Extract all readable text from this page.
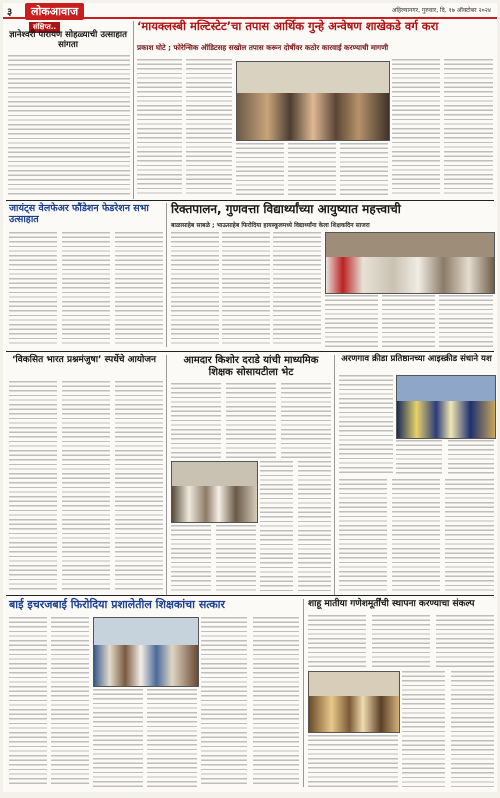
३	लोकआवाज	अहिल्यानगर, गुरुवार, दि. १७ ऑक्टोबर २०२४
संक्षिप्त..
ज्ञानेश्वरी पारायण सोहळ्याची उत्साहात सांगता
‘मायक्लस्बी मल्टिस्टेट’चा तपास आर्थिक गुन्हे अन्वेषण शाखेकडे वर्ग करा
प्रकाश घोटे ; फोरेन्सिक ऑडिटसह सखोल तपास करून दोषींवर कठोर कारवाई करण्याची मागणी
जायंट्स वेलफेअर फौंडेशन फेडरेशन सभा उत्साहात
रिक्तपालन, गुणवत्ता विद्यार्थ्यांच्या आयुष्यात महत्त्वाची
बाळासाहेब साबळे ; भाऊसाहेब फिरोदिया हायस्कूलमध्ये विद्यार्थ्यांना केला शिक्षकदिन साजरा
‘विकसित भारत प्रश्नमंजुषा’ स्पर्धेचे आयोजन	आमदार किशोर दराडे यांची माध्यमिक शिक्षक सोसायटीला भेट
अरणगाव क्रीडा प्रतिष्ठानच्या आइस्क्रीड संधाने यश
बाई इचरजबाई फिरोदिया प्रशालेतील शिक्षकांचा सत्कार	शाहू मातीया गणेशमूर्तींची स्थापना करण्याचा संकल्प
